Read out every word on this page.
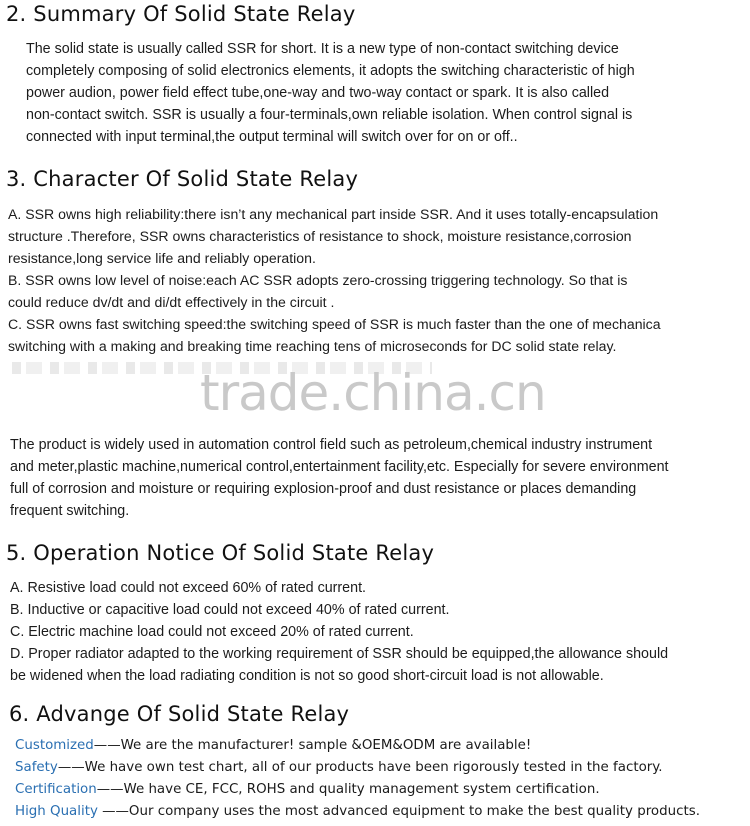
2. Summary Of Solid State Relay
The solid state is usually called SSR for short. It is a new type of non-contact switching device
completely composing of solid electronics elements, it adopts the switching characteristic of high
power audion, power field effect tube,one-way and two-way contact or spark. It is also called
non-contact switch. SSR is usually a four-terminals,own reliable isolation. When control signal is
connected with input terminal,the output terminal will switch over for on or off..
3. Character Of Solid State Relay
A. SSR owns high reliability:there isn’t any mechanical part inside SSR. And it uses totally-encapsulation
structure .Therefore, SSR owns characteristics of resistance to shock, moisture resistance,corrosion
resistance,long service life and reliably operation.
B. SSR owns low level of noise:each AC SSR adopts zero-crossing triggering technology. So that is
could reduce dv/dt and di/dt effectively in the circuit .
C. SSR owns fast switching speed:the switching speed of SSR is much faster than the one of mechanica
switching with a making and breaking time reaching tens of microseconds for DC solid state relay.
trade.china.cn
The product is widely used in automation control field such as petroleum,chemical industry instrument
and meter,plastic machine,numerical control,entertainment facility,etc. Especially for severe environment
full of corrosion and moisture or requiring explosion-proof and dust resistance or places demanding
frequent switching.
5. Operation Notice Of Solid State Relay
A. Resistive load could not exceed 60% of rated current.
B. Inductive or capacitive load could not exceed 40% of rated current.
C. Electric machine load could not exceed 20% of rated current.
D. Proper radiator adapted to the working requirement of SSR should be equipped,the allowance should
be widened when the load radiating condition is not so good short-circuit load is not allowable.
6. Advange Of Solid State Relay
Customized——We are the manufacturer! sample &OEM&ODM are available!
Safety——We have own test chart, all of our products have been rigorously tested in the factory.
Certification——We have CE, FCC, ROHS and quality management system certification.
High Quality ——Our company uses the most advanced equipment to make the best quality products.
